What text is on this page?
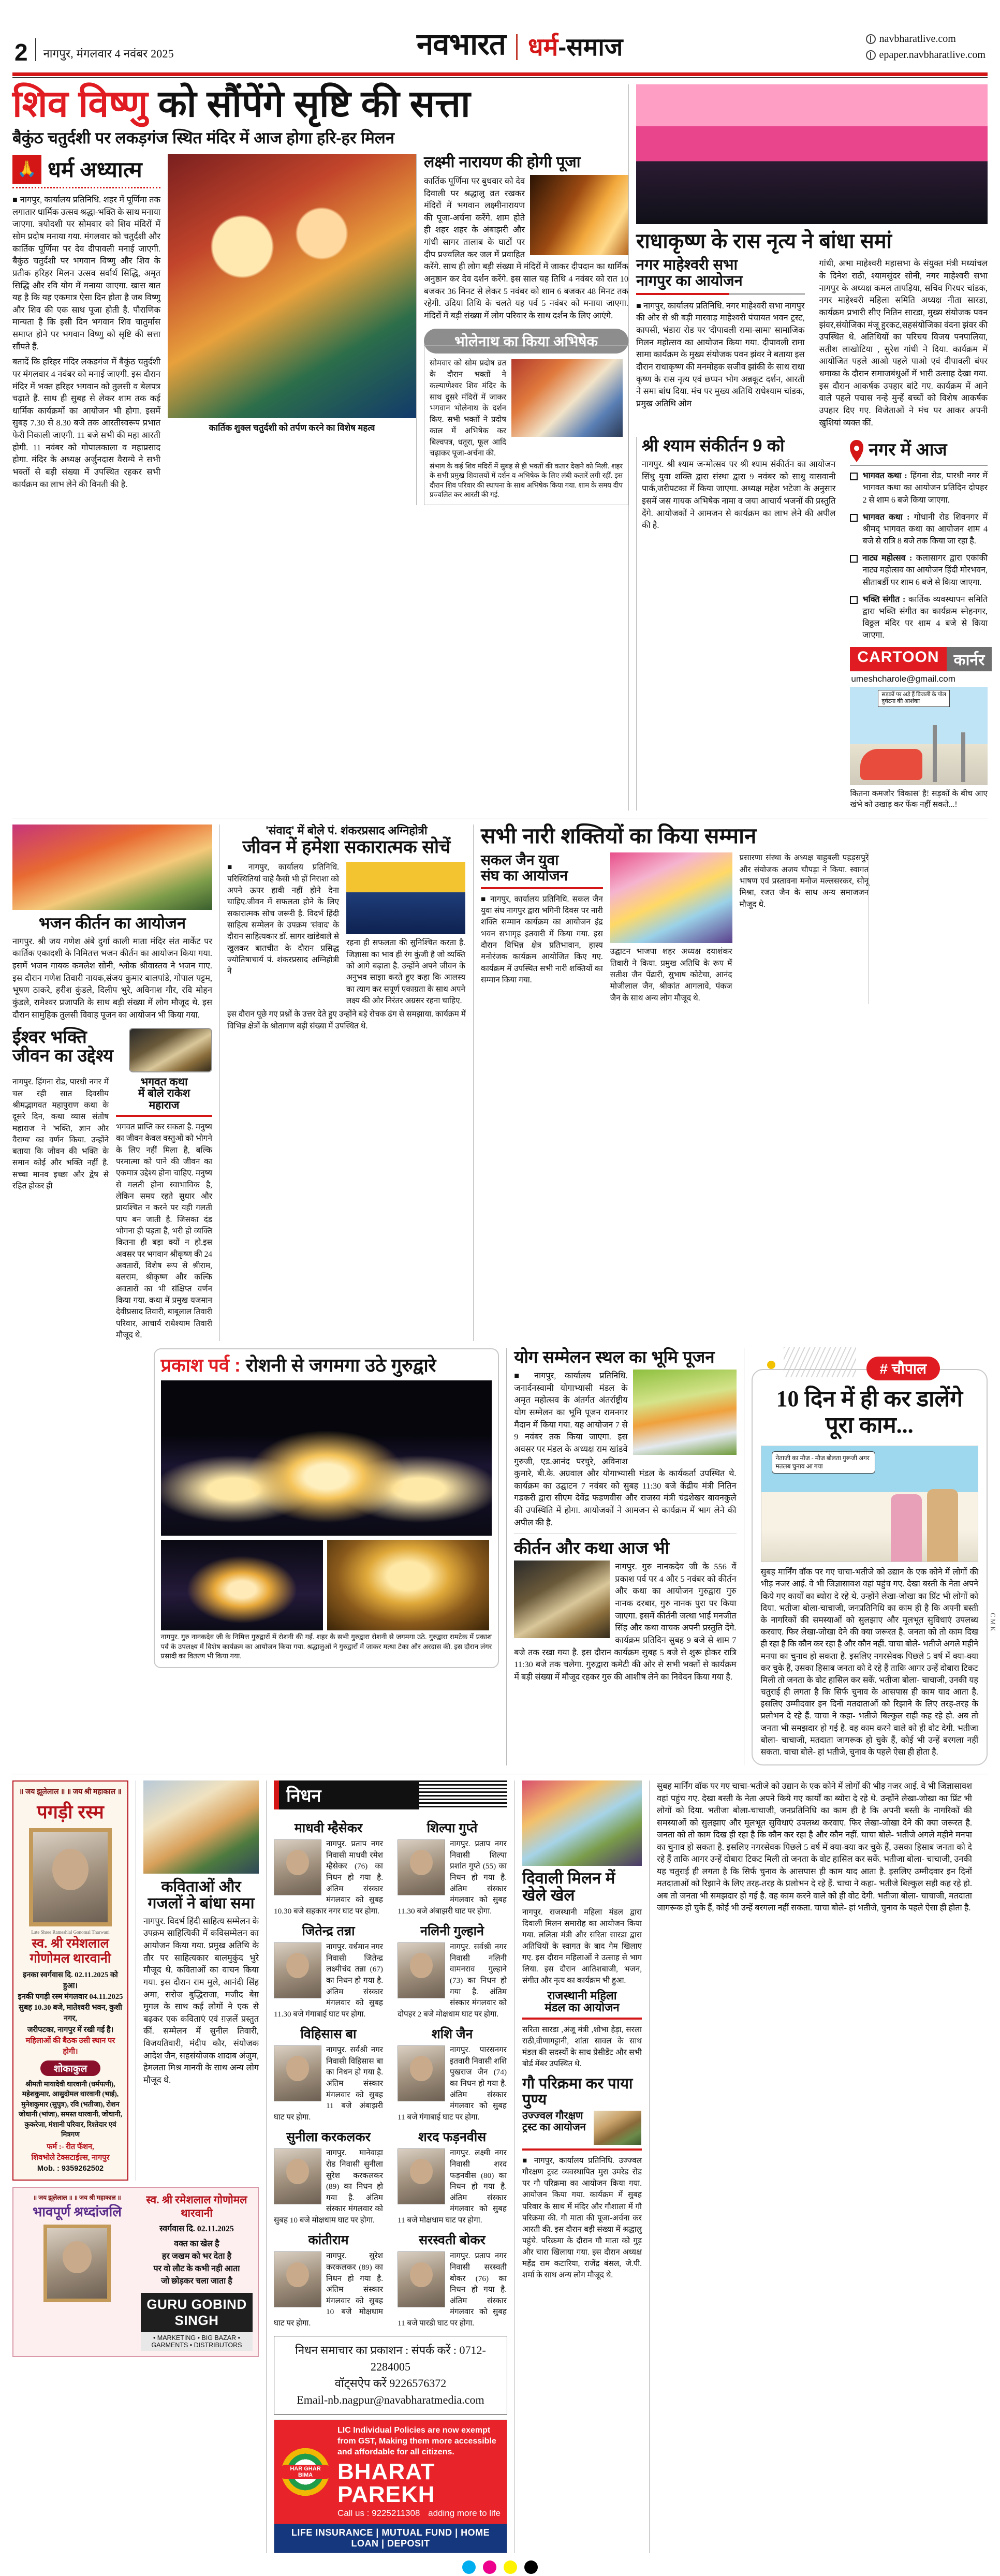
2 नागपुर, मंगलवार 4 नवंबर 2025	नवभारत धर्म-समाज	navbharatlive.com
epaper.navbharatlive.com
शिव विष्णु को सौंपेंगे सृष्टि की सत्ता
बैकुंठ चतुर्दशी पर लकड़गंज स्थित मंदिर में आज होगा हरि-हर मिलन
🙏 धर्म अध्यात्म
■ नागपुर, कार्यालय प्रतिनिधि. शहर में पूर्णिमा तक लगातार धार्मिक उत्सव श्रद्धा-भक्ति के साथ मनाया जाएगा. त्रयोदशी पर सोमवार को शिव मंदिरों में सोम प्रदोष मनाया गया. मंगलवार को चतुर्दशी और कार्तिक पूर्णिमा पर देव दीपावली मनाई जाएगी. बैकुंठ चतुर्दशी पर भगवान विष्णु और शिव के प्रतीक हरिहर मिलन उत्सव सर्वार्थ सिद्धि, अमृत सिद्धि और रवि योग में मनाया जाएगा. खास बात यह है कि यह एकमात्र ऐसा दिन होता है जब विष्णु और शिव की एक साथ पूजा होती है. पौराणिक मान्यता है कि इसी दिन भगवान शिव चातुर्मास समाप्त होने पर भगवान विष्णु को सृष्टि की सत्ता सौंपते हैं.
बतादें कि हरिहर मंदिर लकडगंज में बैकुंठ चतुर्दशी पर मंगलवार 4 नवंबर को मनाई जाएगी. इस दौरान मंदिर में भक्त हरिहर भगवान को तुलसी व बेलपत्र चढ़ाते हैं. साथ ही सुबह से लेकर शाम तक कई धार्मिक कार्यक्रमों का आयोजन भी होगा. इसमें सुबह 7.30 से 8.30 बजे तक आरतीस्वरूप प्रभात फेरी निकाली जाएगी. 11 बजे सभी की महा आरती होगी. 11 नवंबर को गोपालकाला व महाप्रसाद होगा. मंदिर के अध्यक्ष अर्जुनदास वैराग्ये ने सभी भक्तों से बड़ी संख्या में उपस्थित रहकर सभी कार्यक्रम का लाभ लेने की विनती की है.
कार्तिक शुक्ल चतुर्दशी को तर्पण करने का विशेष महत्व
लक्ष्मी नारायण की होगी पूजा
कार्तिक पूर्णिमा पर बुधवार को देव दिवाली पर श्रद्धालु व्रत रखकर मंदिरों में भगवान लक्ष्मीनारायण की पूजा-अर्चना करेंगे. शाम होते ही शहर शहर के अंबाझरी और गांधी सागर तालाब के घाटों पर दीप प्रज्वलित कर जल में प्रवाहित करेंगे. साथ ही लोग बड़ी संख्या में मंदिरों में जाकर दीपदान का धार्मिक अनुष्ठान कर देव दर्शन करेंगे. इस साल यह तिथि 4 नवंबर को रात 10 बजकर 36 मिनट से लेकर 5 नवंबर को शाम 6 बजकर 48 मिनट तक रहेगी. उदिया तिथि के चलते यह पर्व 5 नवंबर को मनाया जाएगा. मंदिरों में बड़ी संख्या में लोग परिवार के साथ दर्शन के लिए आएंगे.
भोलेनाथ का किया अभिषेक
सोमवार को सोम प्रदोष व्रत के दौरान भक्तों ने कल्याणेश्वर शिव मंदिर के साथ दूसरे मंदिरों में जाकर भगवान भोलेनाथ के दर्शन किए. सभी भक्तों ने प्रदोष काल में अभिषेक कर बिल्वपत्र, धतूरा, फूल आदि चढ़ाकर पूजा-अर्चना की.
संभाग के कई शिव मंदिरों में सुबह से ही भक्तों की कतार देखने को मिली. शहर के सभी प्रमुख शिवालयों में दर्शन व अभिषेक के लिए लंबी कतारें लगी रहीं. इस दौरान शिव परिवार की स्थापना के साथ अभिषेक किया गया. शाम के समय दीप प्रज्वलित कर आरती की गई.
राधाकृष्ण के रास नृत्य ने बांधा समां
नगर माहेश्वरी सभा
नागपुर का आयोजन
■ नागपुर, कार्यालय प्रतिनिधि. नगर माहेश्वरी सभा नागपुर की ओर से श्री बड़ी मारवाड़ माहेश्वरी पंचायत भवन ट्रस्ट, कापसी, भंडारा रोड पर 'दीपावली रामा-सामा' सामाजिक मिलन महोत्सव का आयोजन किया गया. दीपावली रामा सामा कार्यक्रम के मुख्य संयोजक पवन झंवर ने बताया इस दौरान राधाकृष्ण की मनमोहक सजीव झांकी के साथ राधा कृष्ण के रास नृत्य एवं छप्पन भोग अन्नकूट दर्शन, आरती ने समा बांध दिया. मंच पर मुख्य अतिथि राधेश्याम चांडक, प्रमुख अतिथि ओम
गांधी, अभा माहेश्वरी महासभा के संयुक्त मंत्री मध्यांचल के दिनेश राठी, श्यामसुंदर सोनी, नगर माहेश्वरी सभा नागपुर के अध्यक्ष कमल तापड़िया, सचिव गिरधर चांडक, नगर माहेश्वरी महिला समिति अध्यक्ष नीता सारडा, कार्यक्रम प्रभारी सीए नितिन सारडा, मुख्य संयोजक पवन झंवर,संयोजिका मंजू हुरकट,सहसंयोजिका वंदना झंवर की उपस्थित थे. अतिथियों का परिचय विजय पनपालिया, सतीश लाखोटिया , सुरेश गांधी ने दिया. कार्यक्रम में आयोजित पहले आओ पहले पाओ एवं दीपावली बंपर धमाका के दौरान समाजबंधुओं में भारी उत्साह देखा गया. इस दौरान आकर्षक उपहार बांटे गए. कार्यक्रम में आने वाले पहले पचास नन्हे मुन्हें बच्चों को विशेष आकर्षक उपहार दिए गए. विजेताओं ने मंच पर आकर अपनी खुशियां व्यक्त कीं.
श्री श्याम संकीर्तन 9 को
नागपुर. श्री श्याम जन्मोत्सव पर श्री श्याम संकीर्तन का आयोजन सिंधु युवा शक्ति द्वारा संस्था द्वारा 9 नवंबर को साधु वासवानी पार्क,जरीपटका में किया जाएगा. अध्यक्ष महेश भटेजा के अनुसार इसमें जस गायक अभिषेक नामा व जया आचार्य भजनों की प्रस्तुति देंगे. आयोजकों ने आमजन से कार्यक्रम का लाभ लेने की अपील की है.
नगर में आज
भागवत कथा : हिंगना रोड, पारधी नगर में भागवत कथा का आयोजन प्रतिदिन दोपहर 2 से शाम 6 बजे किया जाएगा.
भागवत कथा : गोधानी रोड शिवनगर में श्रीमद् भागवत कथा का आयोजन शाम 4 बजे से रात्रि 8 बजे तक किया जा रहा है.
नाट्य महोत्सव : कलासागर द्वारा एकांकी नाट्य महोत्सव का आयोजन हिंदी मोरभवन, सीताबर्डी पर शाम 6 बजे से किया जाएगा.
भक्ति संगीत : कार्तिक व्यवस्थापन समिति द्वारा भक्ति संगीत का कार्यक्रम स्नेहनगर, विठ्ठल मंदिर पर शाम 4 बजे से किया जाएगा.
CARTOON कार्नर
umeshcharole@gmail.com
सड़कों पर अड़े हैं बिजली के पोल
दुर्घटना की आशंका
कितना कमजोर 'विकास' है! सड़कों के बीच आए खंभे को उखाड़ कर फेंक नहीं सकते...!
भजन कीर्तन का आयोजन
नागपुर. श्री जय गणेश अंबे दुर्गा काली माता मंदिर संत मार्केट पर कार्तिक एकादशी के निमितत्त भजन कीर्तन का आयोजन किया गया. इसमें भजन गायक कमलेश सोनी, श्लोक श्रीवास्तव ने भजन गाए. इस दौरान गणेश तिवारी नायक,संजय कुमार बालपांडे, गोपाल पट्टम, भूषण ठाकरे, हरीश कुंडले, दिलीप भुरे, अविनाश गौर, रवि मोहन कुंडले, रामेश्वर प्रजापति के साथ बड़ी संख्या में लोग मौजूद थे. इस दौरान सामुहिक तुलसी विवाह पूजन का आयोजन भी किया गया.
ईश्वर भक्ति
जीवन का उद्देश्य
नागपुर. हिंगना रोड, पारधी नगर में चल रही सात दिवसीय श्रीमद्भागवत महापुराण कथा के दूसरे दिन, कथा व्यास संतोष महाराज ने 'भक्ति, ज्ञान और वैराग्य' का वर्णन किया. उन्होंने बताया कि जीवन की भक्ति के समान कोई और भक्ति नहीं है. सच्चा मानव इच्छा और द्वेष से रहित होकर ही
भगवत कथा
में बोले राकेश
महाराज
भगवत प्राप्ति कर सकता है. मनुष्य का जीवन केवल वस्तुओं को भोगने के लिए नहीं मिला है, बल्कि परमात्मा को पाने की जीवन का एकमात्र उद्देश्य होना चाहिए. मनुष्य से गलती होना स्वाभाविक है, लेकिन समय रहते सुधार और प्रायश्चित न करने पर यही गलती पाप बन जाती है. जिसका दंड भोगना ही पड़ता है, भरी हो व्यक्ति कितना ही बड़ा क्यों न हो.इस अवसर पर भगवान श्रीकृष्ण की 24 अवतारों, विशेष रूप से श्रीराम, बलराम, श्रीकृष्ण और कल्कि अवतारों का भी संक्षिप्त वर्णन किया गया. कथा में प्रमुख यजमान देवीप्रसाद तिवारी, बाबूलाल तिवारी परिवार, आचार्य राधेश्याम तिवारी मौजूद थे.
'संवाद' में बोले पं. शंकरप्रसाद अग्निहोत्री
जीवन में हमेशा सकारात्मक सोचें
■ नागपुर, कार्यालय प्रतिनिधि. परिस्थितियां चाहे कैसी भी हों निराशा को अपने ऊपर हावी नहीं होने देना चाहिए.जीवन में सफलता होने के लिए सकारात्मक सोच जरूरी है. विदर्भ हिंदी साहित्य सम्मेलन के उपक्रम 'संवाद' के दौरान साहित्यकार डॉ. सागर खांडेवाले से खुलकर बातचीत के दौरान प्रसिद्ध ज्योतिषाचार्य पं. शंकरप्रसाद अग्निहोत्री ने
रहना ही सफलता की सुनिश्चित करता है. जिज्ञासा का भाव ही रंग कुंजी है जो व्यक्ति को आगे बढ़ाता है. उन्होंने अपने जीवन के अनुभव साझा करते हुए कहा कि आलस्य का त्याग कर सपूर्ण एकाग्रता के साथ अपने लक्ष्य की ओर निरंतर अग्रसर रहना चाहिए.
इस दौरान पूछे गए प्रश्नों के उत्तर देते हुए उन्होंने बड़े रोचक ढंग से समझाया. कार्यक्रम में विभिन्न क्षेत्रों के श्रोतागण बड़ी संख्या में उपस्थित थे.
सभी नारी शक्तियों का किया सम्मान
सकल जैन युवा
संघ का आयोजन
■ नागपुर, कार्यालय प्रतिनिधि. सकल जैन युवा संघ नागपुर द्वारा भगिनी दिवस पर नारी शक्ति सम्मान कार्यक्रम का आयोजन इंद्र भवन सभागृह इतवारी में किया गया. इस दौरान विभिन्न क्षेत्र प्रतिभावान, हास्य मनोरंजक कार्यक्रम आयोजित किए गए. कार्यक्रम में उपस्थित सभी नारी शक्तियों का सम्मान किया गया.
उद्घाटन भाजपा शहर अध्यक्ष दयाशंकर तिवारी ने किया. प्रमुख अतिथि के रूप में सतीश जैन पेंढारी, सुभाष कोटेचा, आनंद मोजीलाल जैन, श्रीकांत आगलावे, पंकज जैन के साथ अन्य लोग मौजूद थे.
प्रसारणा संस्था के अध्यक्ष बाहुबली पहड़सपुरे और संयोजक अजय चौपड़ा ने किया. स्वागत भाषण एवं प्रस्तावना मनोज मल्लसरकर, सोनू मिश्रा, रजत जैन के साथ अन्य समाजजन मौजूद थे.
प्रकाश पर्व : रोशनी से जगमगा उठे गुरुद्वारे
नागपुर. गुरु नानकदेव जी के निमित्त गुरुद्वारों में रोशनी की गई. शहर के सभी गुरुद्वारा रोशनी से जगमगा उठे. गुरुद्वारा रामटेक में प्रकाश पर्व के उपलक्ष्य में विशेष कार्यक्रम का आयोजन किया गया. श्रद्धालुओं ने गुरुद्वारों में जाकर मत्था टेका और अरदास की. इस दौरान लंगर प्रसादी का वितरण भी किया गया.
योग सम्मेलन स्थल का भूमि पूजन
■ नागपुर, कार्यालय प्रतिनिधि. जनार्दनस्वामी योगाभ्यासी मंडल के अमृत महोत्सव के अंतर्गत अंतर्राष्ट्रीय योग सम्मेलन का भूमि पूजन रामनगर मैदान में किया गया. यह आयोजन 7 से 9 नवंबर तक किया जाएगा. इस अवसर पर मंडल के अध्यक्ष राम खांडवे गुरुजी, एड.आनंद परचुरे, अविनाश कुमारे, बी.के. अग्रवाल और योगाभ्यासी मंडल के कार्यकर्ता उपस्थित थे. कार्यक्रम का उद्घाटन 7 नवंबर को सुबह 11:30 बजे केंद्रीय मंत्री नितिन गडकरी द्वारा सीएम देवेंद्र फडणवीस और राजस्व मंत्री चंद्रशेखर बावनकुले की उपस्थिति में होगा. आयोजकों ने आमजन से कार्यक्रम में भाग लेने की अपील की है.
कीर्तन और कथा आज भी
नागपुर. गुरु नानकदेव जी के 556 वें प्रकाश पर्व पर 4 और 5 नवंबर को कीर्तन और कथा का आयोजन गुरुद्वारा गुरु नानक दरबार, गुरु नानक पुरा पर किया जाएगा. इसमें कीर्तनी जत्था भाई मनजीत सिंह और कथा वाचक अपनी प्रस्तुति देंगे. कार्यक्रम प्रतिदिन सुबह 9 बजे से शाम 7 बजे तक रखा गया है. इस दौरान कार्यक्रम सुबह 5 बजे से शुरू होकर रात्रि 11:30 बजे तक चलेगा. गुरुद्वारा कमेटी की ओर से सभी भक्तों से कार्यक्रम में बड़ी संख्या में मौजूद रहकर गुरु की आशीष लेने का निवेदन किया गया है.
# चौपाल
10 दिन में ही कर डालेंगे पूरा काम...
नेताजी का मौज - मौज बोलता गुरूजी अगर मतलब चुनाव आ गया
सुबह मार्निंग वॉक पर गए चाचा-भतीजे को उद्यान के एक कोने में लोगों की भीड़ नजर आई. वे भी जिज्ञासावश वहां पहुंच गए. देखा बस्ती के नेता अपने किये गए कार्यों का ब्योरा दे रहे थे. उन्होंने लेखा-जोखा का प्रिंट भी लोगों को दिया. भतीजा बोला-चाचाजी, जनप्रतिनिधि का काम ही है कि अपनी बस्ती के नागरिकों की समस्याओं को सुलझाए और मूलभूत सुविधाएं उपलब्ध करवाए. फिर लेखा-जोखा देने की क्या जरूरत है. जनता को तो काम दिख ही रहा है कि कौन कर रहा है और कौन नहीं. चाचा बोले- भतीजे अगले महीने मनपा का चुनाव हो सकता है. इसलिए नगरसेवक पिछले 5 वर्ष में क्या-क्या कर चुके हैं, उसका हिसाब जनता को दे रहे हैं ताकि आगर उन्हें दोबारा टिकट मिली तो जनता के वोट हासिल कर सकें. भतीजा बोला- चाचाजी, उनकी यह चतुराई ही लगता है कि सिर्फ चुनाव के आसपास ही काम याद आता है. इसलिए उम्मीदवार इन दिनों मतदाताओं को रिझाने के लिए तरह-तरह के प्रलोभन दे रहे हैं. चाचा ने कहा- भतीजे बिल्कुल सही कह रहे हो. अब तो जनता भी समझदार हो गई है. वह काम करने वाले को ही वोट देगी. भतीजा बोला- चाचाजी, मतदाता जागरूक हो चुके हैं, कोई भी उन्हें बरगला नहीं सकता. चाचा बोले- हां भतीजे, चुनाव के पहले ऐसा ही होता है.
॥ जय झूलेलाल ॥ ॥ जय श्री महाकाल ॥
पगड़ी रस्म
Late Shree Rameshlal Gonomal Tharwani
स्व. श्री रमेशलाल गोणोमल थारवानी
इनका स्वर्गवास दि. 02.11.2025 को हुआ।
इनकी पगड़ी रस्म मंगलवार 04.11.2025
सुबह 10.30 बजे, मातेश्वरी भवन, कुशी नगर,
जरीपटका, नागपुर में रखी गई है।
महिलाओं की बैठक उसी स्थान पर होगी।
शोकाकुल
श्रीमती मायादेवी थारवानी (धर्मपत्नी), महेशकुमार, आसुदोमल थारवानी (भाई), मुनेशकुमार (सुपुत्र), रवि (भतीजा), रोशन जोधानी (भांजा), समस्त थारवानी, जोधानी, कुकरेजा, मंशानी परिवार, रिश्तेदार एवं मित्रगण
फर्म :- रीत फॅशन,
शिवभोले टेक्सटाईल्स, नागपुर
Mob. : 9359262502
कविताओं और
गजलों ने बांधा समा
नागपुर. विदर्भ हिंदी साहित्य सम्मेलन के उपक्रम साहित्यिकी में कविसम्मेलन का आयोजन किया गया. प्रमुख अतिथि के तौर पर साहित्यकार बालमुकुंद भुरे मौजूद थे. कविताओं का वाचन किया गया. इस दौरान राम मुले, आनंदी सिंह अमा, सरोज बुद्धिराजा, मजीद बेग़ मुगल के साथ कई लोगों ने एक से बढ़कर एक कविताएं एवं ग़ज़लें प्रस्तुत कीं. सम्मेलन में सुनील तिवारी, विजयतिवारी, मंदीप कौर, संयोजक आदेश जैन, सहसंयोजक शादाब अंजुम, हेमलता मिश्र मानवी के साथ अन्य लोग मौजूद थे.
॥ जय झूलेलाल ॥ ॥ जय श्री महाकाल ॥
भावपूर्ण श्रध्दांजलि
स्व. श्री रमेशलाल गोणोमल थारवानी
स्वर्गवास दि. 02.11.2025
वक्त का खेल है
हर जखम को भर देता है
पर वो लौट के कभी नही आता
जो छोड़कर चला जाता है
GURU GOBIND SINGH
• MARKETING • BIG BAZAR • GARMENTS • DISTRIBUTORS
निधन
माधवी म्हैसेकर
नागपुर. प्रताप नगर निवासी माधवी रमेश म्हैसेकर (76) का निधन हो गया है. अंतिम संस्कार मंगलवार को सुबह 10.30 बजे सहकार नगर घाट पर होगा.
जितेन्द्र तन्ना
नागपुर. वर्धमान नगर निवासी जितेन्द्र लक्ष्मीचंद तन्ना (67) का निधन हो गया है. अंतिम संस्कार मंगलवार को सुबह 11.30 बजे गंगाबाई घाट पर होगा.
विहिसास बा
नागपुर. सर्वश्री नगर निवासी विहिसास बा का निधन हो गया है. अंतिम संस्कार मंगलवार को सुबह 11 बजे अंबाझरी घाट पर होगा.
सुनीला करकलकर
नागपुर. मानेवाड़ा रोड निवासी सुनीला सुरेश करकलकर (89) का निधन हो गया है. अंतिम संस्कार मंगलवार को सुबह 10 बजे मोक्षधाम घाट पर होगा.
शिल्पा गुप्ते
नागपुर. प्रताप नगर निवासी शिल्पा प्रशांत गुप्ते (55) का निधन हो गया है. अंतिम संस्कार मंगलवार को सुबह 11.30 बजे अंबाझरी घाट पर होगा.
नलिनी गुल्हाने
नागपुर. सर्वश्री नगर निवासी नलिनी वामनराव गुल्हाने (73) का निधन हो गया है. अंतिम संस्कार मंगलवार को दोपहर 2 बजे मोक्षधाम घाट पर होगा.
शशि जैन
नागपुर. पारसनगर इतवारी निवासी शशि पुखराज जैन (74) का निधन हो गया है. अंतिम संस्कार मंगलवार को सुबह 11 बजे गंगाबाई घाट पर होगा.
शरद फड़नवीस
नागपुर. लक्ष्मी नगर निवासी शरद फड़नवीस (80) का निधन हो गया है. अंतिम संस्कार मंगलवार को सुबह 11 बजे मोक्षधाम घाट पर होगा.
कांतीराम
नागपुर. सुरेश करकलकर (89) का निधन हो गया है. अंतिम संस्कार मंगलवार को सुबह 10 बजे मोक्षधाम घाट पर होगा.
सरस्वती बोकर
नागपुर. प्रताप नगर निवासी सरस्वती बोकर (76) का निधन हो गया है. अंतिम संस्कार मंगलवार को सुबह 11 बजे पारडी घाट पर होगा.
निधन समाचार का प्रकाशन : संपर्क करें : 0712-2284005
वॉट्सऐप करें 9226576372
Email-nb.nagpur@navabharatmedia.com
HAR GHAR BIMA
LIC Individual Policies are now exempt from GST, Making them more accessible and affordable for all citizens.
BHARAT PAREKH
Call us : 9225211308 adding more to life
LIFE INSURANCE | MUTUAL FUND | HOME LOAN | DEPOSIT
दिवाली मिलन में खेले खेल
नागपुर. राजस्थानी महिला मंडल द्वारा दिवाली मिलन समारोह का आयोजन किया गया. ललिता मंत्री और सरिता सारडा द्वारा अतिथियों के स्वागत के बाद गेम खिलाए गए. इस दौरान महिलाओं ने उत्साह से भाग लिया. इस दौरान आतिशबाजी, भजन, संगीत और नृत्य का कार्यक्रम भी हुआ.
राजस्थानी महिला
मंडल का आयोजन
सरिता सारडा ,अंजू मंत्री ,शोभा हेड़ा, सरला राठी,वीणागट्टानी, शांता सावल के साथ मंडल की सदस्यों के साथ प्रेसीडेंट और सभी बोर्ड मेंबर उपस्थित थे.
गौ परिक्रमा कर पाया पुण्य
उज्ज्वल गौरक्षण
ट्रस्ट का आयोजन
■ नागपुर, कार्यालय प्रतिनिधि. उज्ज्वल गौरक्षण ट्रस्ट व्यवस्थापित मुरा उमरेड रोड पर गौ परिक्रमा का आयोजन किया गया. आयोजन किया गया. कार्यक्रम में सुबह परिवार के साथ में मंदिर और गौशाला में गौ परिक्रमा की. गौ माता की पूजा-अर्चना कर आरती की. इस दौरान बड़ी संख्या में श्रद्धालु पहुंचे. परिक्रमा के दौरान गौ माता को गुड़ और चारा खिलाया गया. इस दौरान अध्यक्ष महेंद्र राम कटारिया, राजेंद्र बंसल, जे.पी. शर्मा के साथ अन्य लोग मौजूद थे.
सुबह मार्निंग वॉक पर गए चाचा-भतीजे को उद्यान के एक कोने में लोगों की भीड़ नजर आई. वे भी जिज्ञासावश वहां पहुंच गए. देखा बस्ती के नेता अपने किये गए कार्यों का ब्योरा दे रहे थे. उन्होंने लेखा-जोखा का प्रिंट भी लोगों को दिया. भतीजा बोला-चाचाजी, जनप्रतिनिधि का काम ही है कि अपनी बस्ती के नागरिकों की समस्याओं को सुलझाए और मूलभूत सुविधाएं उपलब्ध करवाए. फिर लेखा-जोखा देने की क्या जरूरत है. जनता को तो काम दिख ही रहा है कि कौन कर रहा है और कौन नहीं. चाचा बोले- भतीजे अगले महीने मनपा का चुनाव हो सकता है. इसलिए नगरसेवक पिछले 5 वर्ष में क्या-क्या कर चुके हैं, उसका हिसाब जनता को दे रहे हैं ताकि आगर उन्हें दोबारा टिकट मिली तो जनता के वोट हासिल कर सकें. भतीजा बोला- चाचाजी, उनकी यह चतुराई ही लगता है कि सिर्फ चुनाव के आसपास ही काम याद आता है. इसलिए उम्मीदवार इन दिनों मतदाताओं को रिझाने के लिए तरह-तरह के प्रलोभन दे रहे हैं. चाचा ने कहा- भतीजे बिल्कुल सही कह रहे हो. अब तो जनता भी समझदार हो गई है. वह काम करने वाले को ही वोट देगी. भतीजा बोला- चाचाजी, मतदाता जागरूक हो चुके हैं, कोई भी उन्हें बरगला नहीं सकता. चाचा बोले- हां भतीजे, चुनाव के पहले ऐसा ही होता है.
CMK
